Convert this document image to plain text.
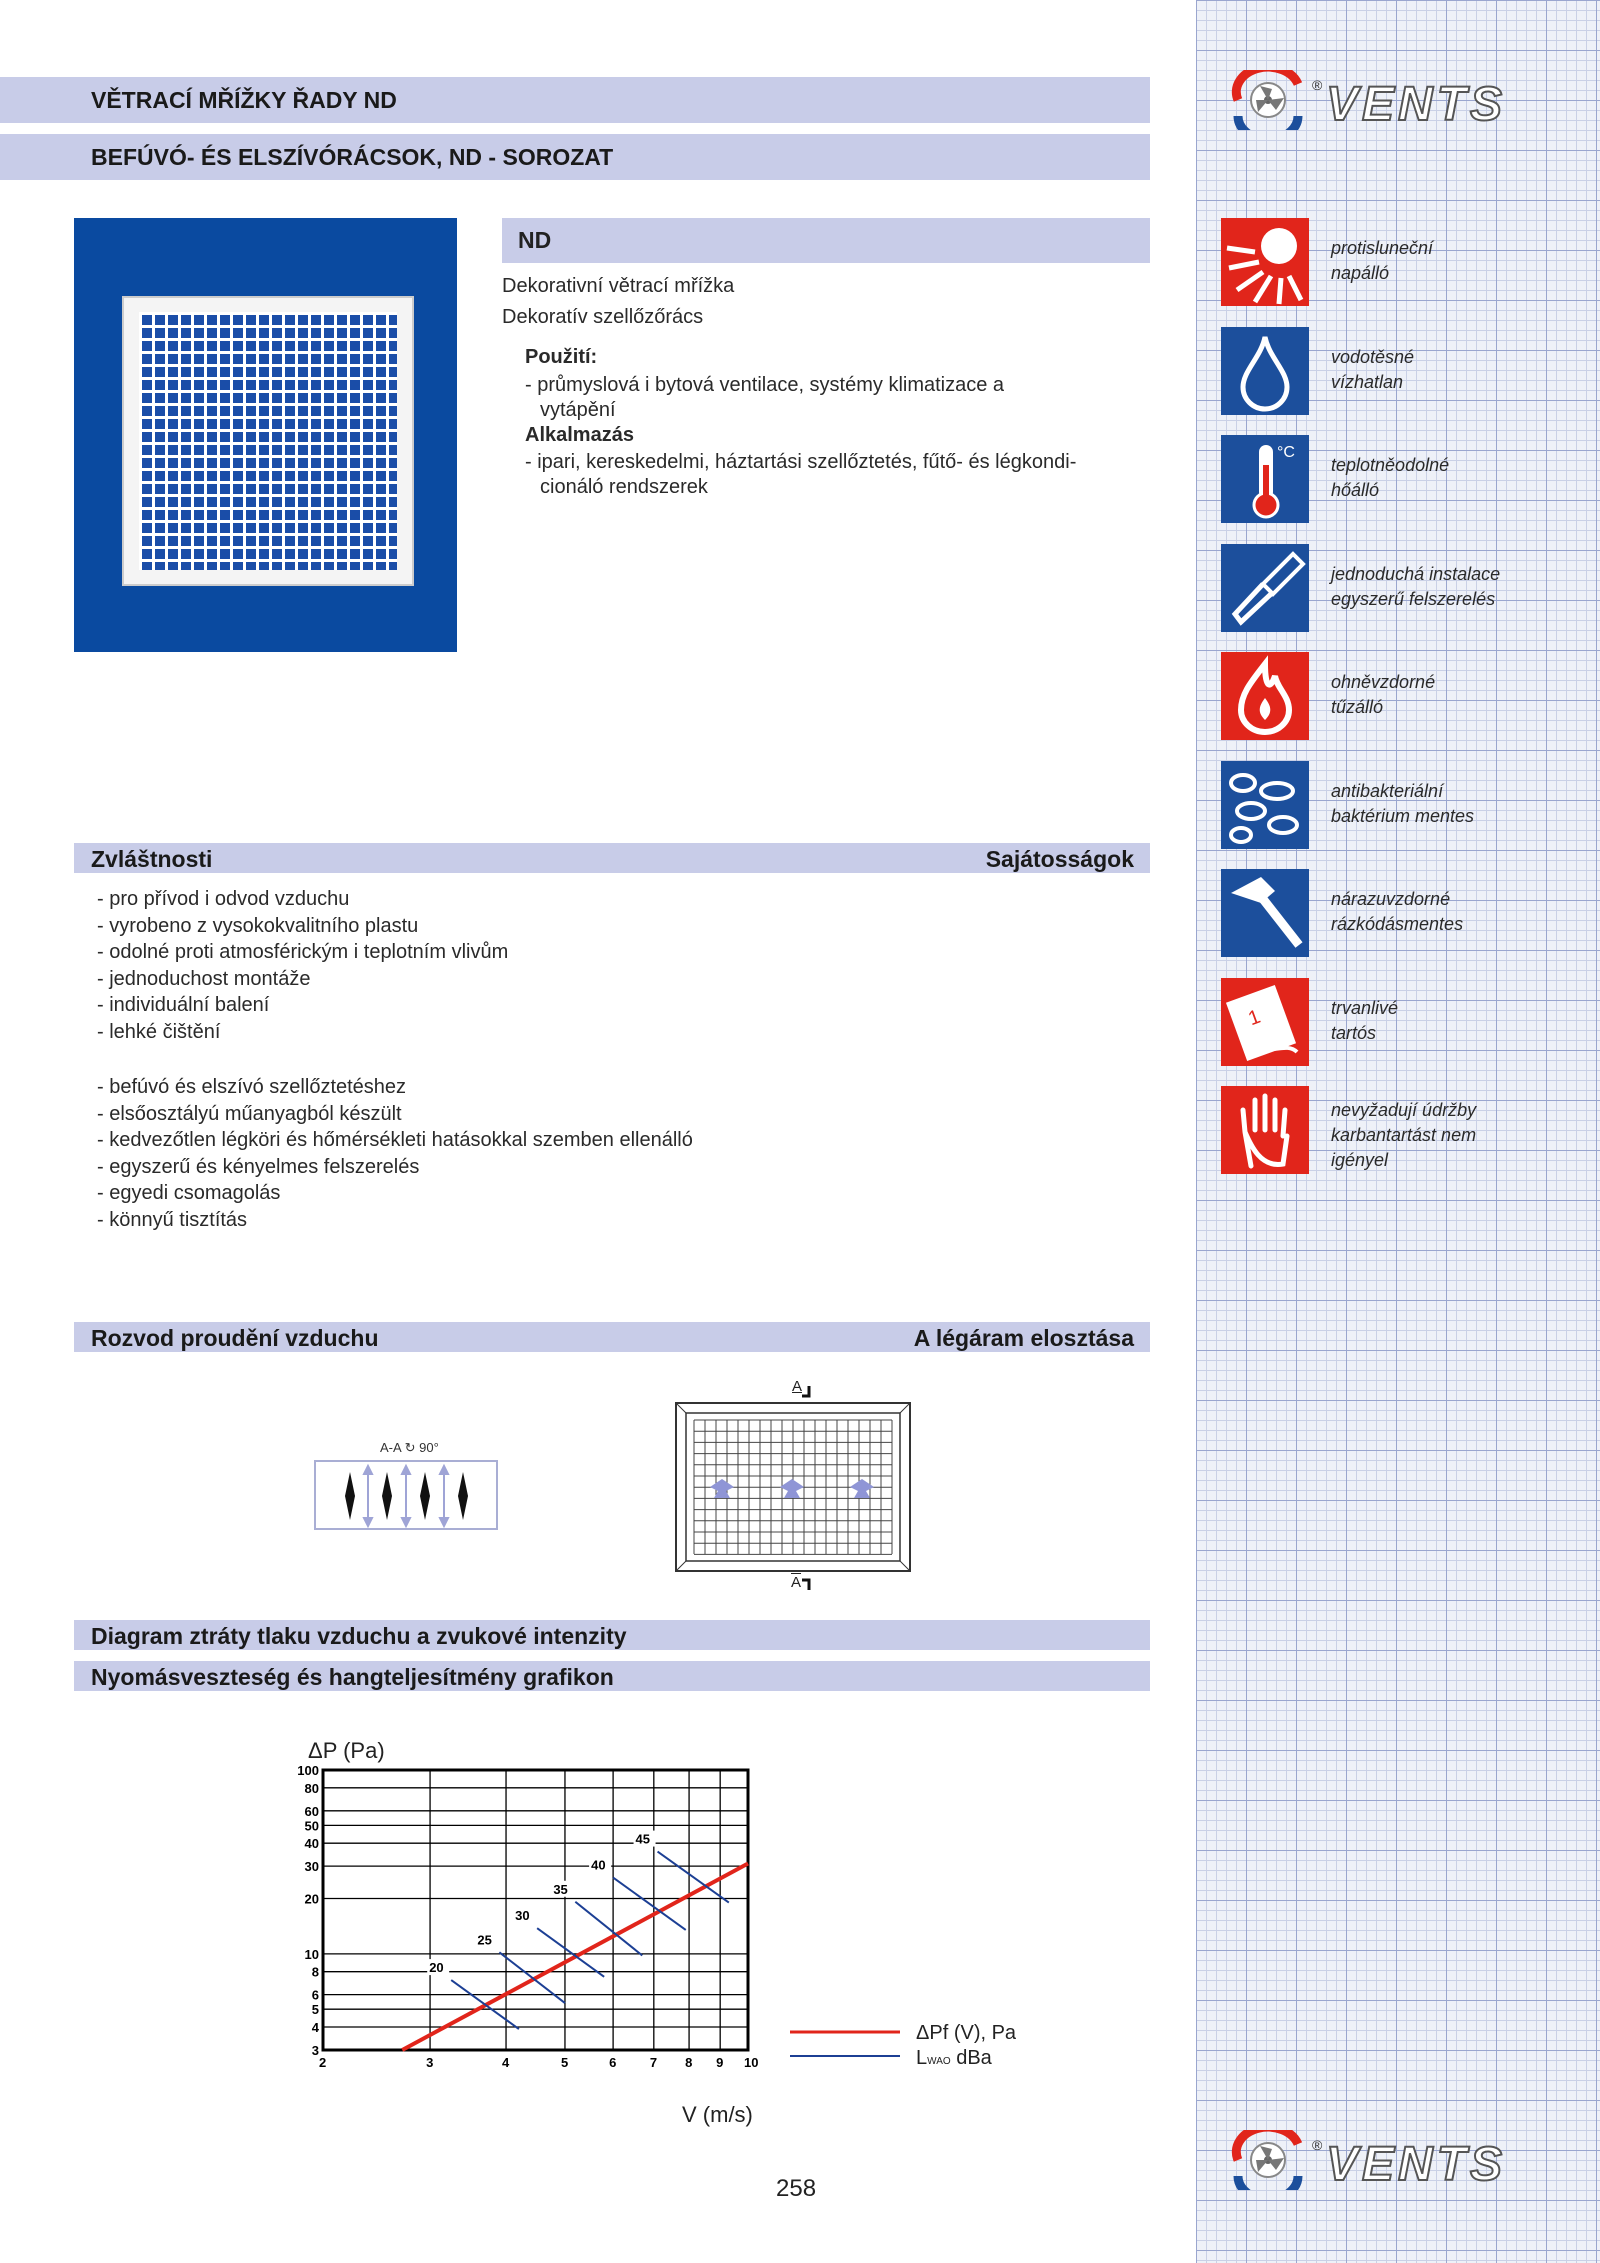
® VENTS
VĚTRACÍ MŘÍŽKY ŘADY ND
BEFÚVÓ- ÉS ELSZÍVÓRÁCSOK, ND - SOROZAT
ND
Dekorativní větrací mřížka
Dekoratív szellőzőrács
Použití:
- průmyslová i bytová ventilace, systémy klimatizace a
vytápění
Alkalmazás
- ipari, kereskedelmi, háztartási szellőztetés, fűtő- és légkondi-
cionáló rendszerek
Zvláštnosti	Sajátosságok
- pro přívod i odvod vzduchu
- vyrobeno z vysokokvalitního plastu
- odolné proti atmosférickým i teplotním vlivům
- jednoduchost montáže
- individuální balení
- lehké čištění
- befúvó és elszívó szellőztetéshez
- elsőosztályú műanyagból készült
- kedvezőtlen légköri és hőmérsékleti hatásokkal szemben ellenálló
- egyszerű és kényelmes felszerelés
- egyedi csomagolás
- könnyű tisztítás
Rozvod proudění vzduchu	A légáram elosztása
A-A ↻ 90°
A
$\overline{A}$
Diagram ztráty tlaku vzduchu a zvukové intenzity
Nyomásveszteség és hangteljesítmény grafikon
ΔP (Pa)
V (m/s)
2	3	4	5	6	7 8 9 10
3
4
5
6
8
10
20
30
40
50
60
80
100
20
25
30
35
40
45
ΔPf (V), Pa
LWAO dBa
protisluneční
napálló
vodotěsné
vízhatlan
°C
teplotněodolné
hőálló
jednoduchá instalace
egyszerű felszerelés
ohněvzdorné
tűzálló
antibakteriální
baktérium mentes
nárazuvzdorné
rázkódásmentes
1	trvanlivé
tartós
nevyžadují údržby
karbantartást nem
igényel
® VENTS
258
